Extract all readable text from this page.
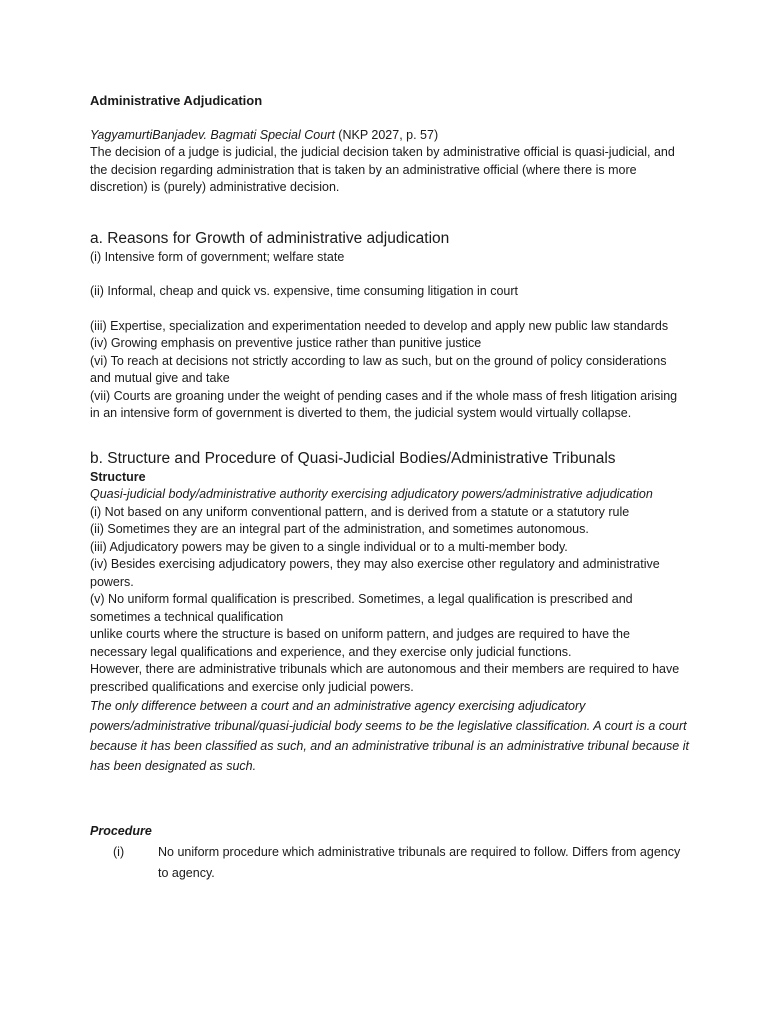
Administrative Adjudication

YagyamurtiBanjadev. Bagmati Special Court (NKP 2027, p. 57)

The decision of a judge is judicial, the judicial decision taken by administrative official is quasi-judicial, and the decision regarding administration that is taken by an administrative official (where there is more discretion) is (purely) administrative decision.

a. Reasons for Growth of administrative adjudication

(i) Intensive form of government; welfare state

(ii) Informal, cheap and quick vs. expensive, time consuming litigation in court

(iii) Expertise, specialization and experimentation needed to develop and apply new public law standards

(iv) Growing emphasis on preventive justice rather than punitive justice

(vi) To reach at decisions not strictly according to law as such, but on the ground of policy considerations and mutual give and take

(vii) Courts are groaning under the weight of pending cases and if the whole mass of fresh litigation arising in an intensive form of government is diverted to them, the judicial system would virtually collapse.

b. Structure and Procedure of Quasi-Judicial Bodies/Administrative Tribunals

Structure

Quasi-judicial body/administrative authority exercising adjudicatory powers/administrative adjudication

(i) Not based on any uniform conventional pattern, and is derived from a statute or a statutory rule

(ii) Sometimes they are an integral part of the administration, and sometimes autonomous.

(iii) Adjudicatory powers may be given to a single individual or to a multi-member body.

(iv) Besides exercising adjudicatory powers, they may also exercise other regulatory and administrative powers.

(v) No uniform formal qualification is prescribed. Sometimes, a legal qualification is prescribed and sometimes a technical qualification

unlike courts where the structure is based on uniform pattern, and judges are required to have the necessary legal qualifications and experience, and they exercise only judicial functions.

However, there are administrative tribunals which are autonomous and their members are required to have prescribed qualifications and exercise only judicial powers.

The only difference between a court and an administrative agency exercising adjudicatory powers/administrative tribunal/quasi-judicial body seems to be the legislative classification. A court is a court because it has been classified as such, and an administrative tribunal is an administrative tribunal because it has been designated as such.

Procedure

(i)	No uniform procedure which administrative tribunals are required to follow. Differs from agency to agency.
